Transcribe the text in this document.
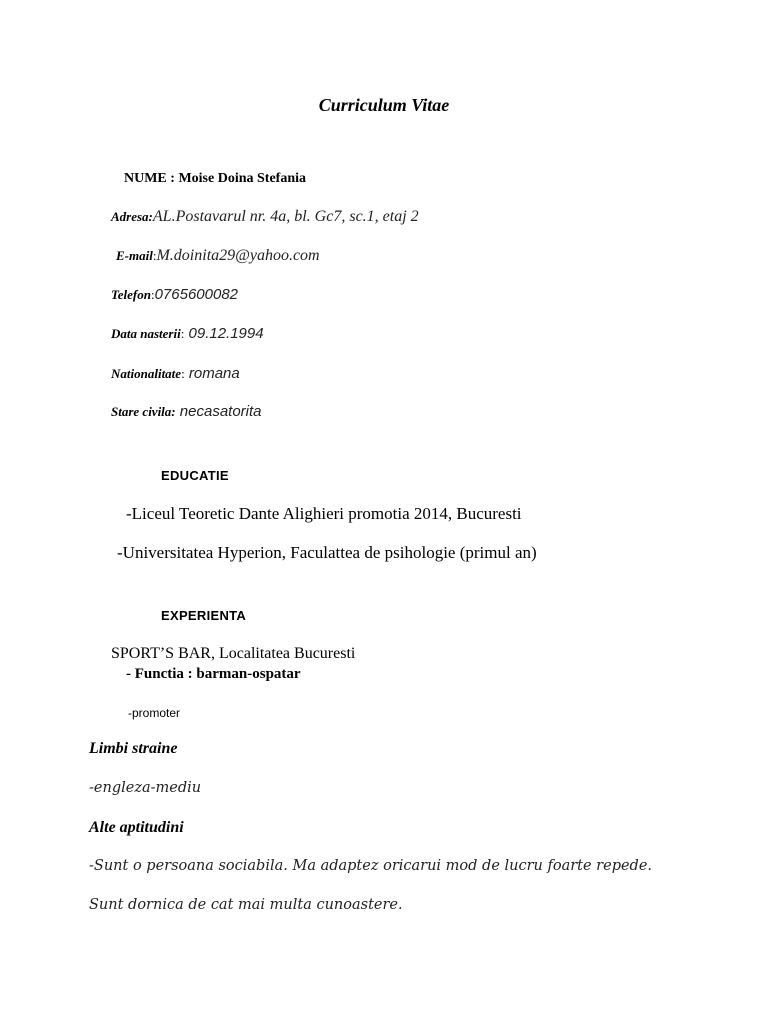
Curriculum Vitae
NUME : Moise Doina Stefania
Adresa:AL.Postavarul nr. 4a, bl. Gc7, sc.1, etaj 2
E-mail:M.doinita29@yahoo.com
Telefon:0765600082
Data nasterii: 09.12.1994
Nationalitate: romana
Stare civila: necasatorita
EDUCATIE
-Liceul Teoretic Dante Alighieri promotia 2014, Bucuresti
-Universitatea Hyperion, Faculattea de psihologie (primul an)
EXPERIENTA
SPORT’S BAR, Localitatea Bucuresti
- Functia : barman-ospatar
-promoter
Limbi straine
-engleza-mediu
Alte aptitudini
-Sunt o persoana sociabila. Ma adaptez oricarui mod de lucru foarte repede.
Sunt dornica de cat mai multa cunoastere.
